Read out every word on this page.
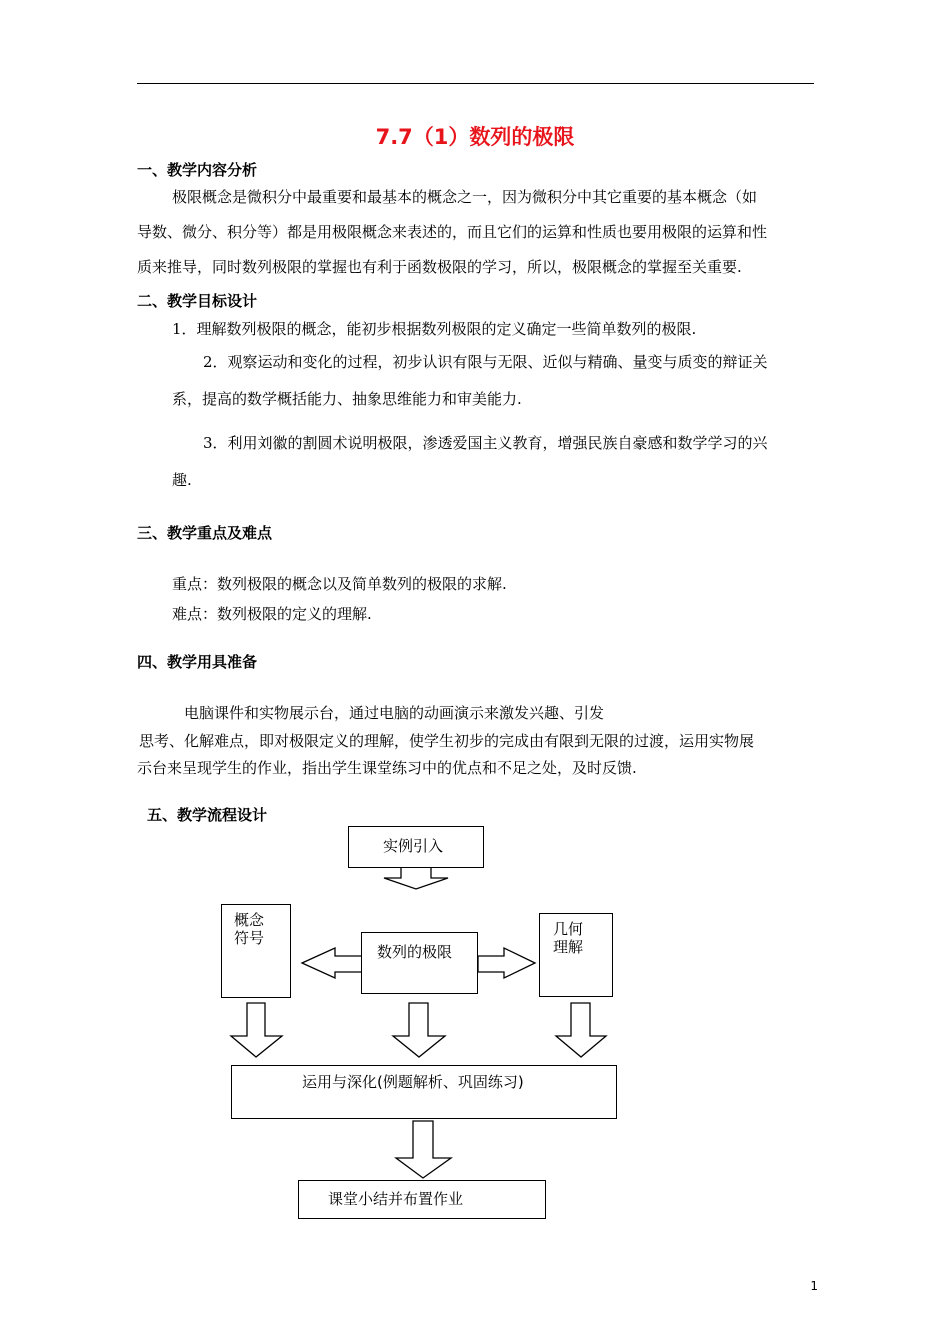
7.7（1）数列的极限
一、教学内容分析
极限概念是微积分中最重要和最基本的概念之一，因为微积分中其它重要的基本概念（如
导数、微分、积分等）都是用极限概念来表述的，而且它们的运算和性质也要用极限的运算和性
质来推导，同时数列极限的掌握也有利于函数极限的学习，所以，极限概念的掌握至关重要.
二、教学目标设计
1．理解数列极限的概念，能初步根据数列极限的定义确定一些简单数列的极限.
2．观察运动和变化的过程，初步认识有限与无限、近似与精确、量变与质变的辩证关
系，提高的数学概括能力、抽象思维能力和审美能力.
3．利用刘徽的割圆术说明极限，渗透爱国主义教育，增强民族自豪感和数学学习的兴
趣.
三、教学重点及难点
重点：数列极限的概念以及简单数列的极限的求解.
难点：数列极限的定义的理解.
四、教学用具准备
电脑课件和实物展示台，通过电脑的动画演示来激发兴趣、引发
思考、化解难点，即对极限定义的理解，使学生初步的完成由有限到无限的过渡，运用实物展
示台来呈现学生的作业，指出学生课堂练习中的优点和不足之处，及时反馈.
五、教学流程设计
实例引入
概念
符号
数列的极限
几何
理解
运用与深化(例题解析、巩固练习)
课堂小结并布置作业
1
